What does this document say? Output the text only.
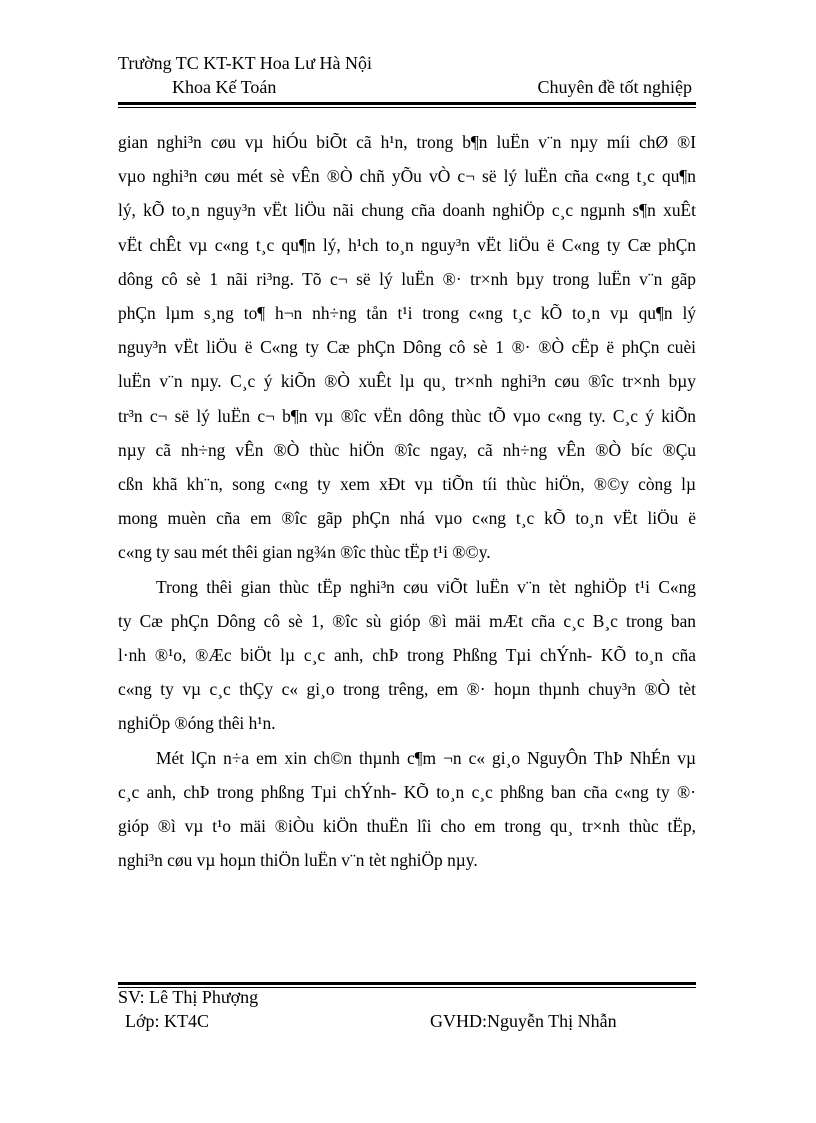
Trường TC KT-KT Hoa Lư Hà Nội
Khoa Kế Toán	Chuyên đề tốt nghiệp

gian nghi³n cøu vµ hiÓu biÕt cã h¹n, trong b¶n luËn v¨n nµy míi chØ ®I
vµo nghi³n cøu mét sè vÊn ®Ò chñ yÕu vÒ c¬ së lý luËn cña c«ng t¸c qu¶n
lý, kÕ to¸n nguy³n vËt liÖu nãi chung cña doanh nghiÖp c¸c ngµnh s¶n xuÊt
vËt chÊt vµ c«ng t¸c qu¶n lý, h¹ch to¸n nguy³n vËt liÖu ë C«ng ty Cæ phÇn
dông cô sè 1 nãi ri³ng. Tõ c¬ së lý luËn ®· tr×nh bµy trong luËn v¨n gãp
phÇn lµm s¸ng to¶ h¬n nh÷ng tån t¹i trong c«ng t¸c kÕ to¸n vµ qu¶n lý
nguy³n vËt liÖu ë C«ng ty Cæ phÇn Dông cô sè 1 ®· ®Ò cËp ë phÇn cuèi
luËn v¨n nµy. C¸c ý kiÕn ®Ò xuÊt lµ qu¸ tr×nh nghi³n cøu ®îc tr×nh bµy
tr³n c¬ së lý luËn c¬ b¶n vµ ®îc vËn dông thùc tÕ vµo c«ng ty. C¸c ý kiÕn
nµy cã nh÷ng vÊn ®Ò thùc hiÖn ®îc ngay, cã nh÷ng vÊn ®Ò bíc ®Çu
cßn khã kh¨n, song c«ng ty xem xÐt vµ tiÕn tíi thùc hiÖn, ®©y còng lµ
mong muèn cña em ®îc gãp phÇn nhá vµo c«ng t¸c kÕ to¸n vËt liÖu ë
c«ng ty sau mét thêi gian ng¾n ®îc thùc tËp t¹i ®©y.

Trong thêi gian thùc tËp nghi³n cøu viÕt luËn v¨n tèt nghiÖp t¹i C«ng
ty Cæ phÇn Dông cô sè 1, ®îc sù gióp ®ì mäi mÆt cña c¸c B¸c trong ban
l·nh ®¹o, ®Æc biÖt lµ c¸c anh, chÞ trong Phßng Tµi chÝnh- KÕ to¸n cña
c«ng ty vµ c¸c thÇy c« gi¸o trong trêng, em ®· hoµn thµnh chuy³n ®Ò tèt
nghiÖp ®óng thêi h¹n.

Mét lÇn n÷a em xin ch©n thµnh c¶m ¬n c« gi¸o NguyÔn ThÞ NhÉn vµ
c¸c anh, chÞ trong phßng Tµi chÝnh- KÕ to¸n c¸c phßng ban cña c«ng ty ®·
gióp ®ì vµ t¹o mäi ®iÒu kiÖn thuËn lîi cho em trong qu¸ tr×nh thùc tËp,
nghi³n cøu vµ hoµn thiÖn luËn v¨n tèt nghiÖp nµy.

SV: Lê Thị Phượng
Lớp: KT4C	GVHD:Nguyễn Thị Nhẫn
